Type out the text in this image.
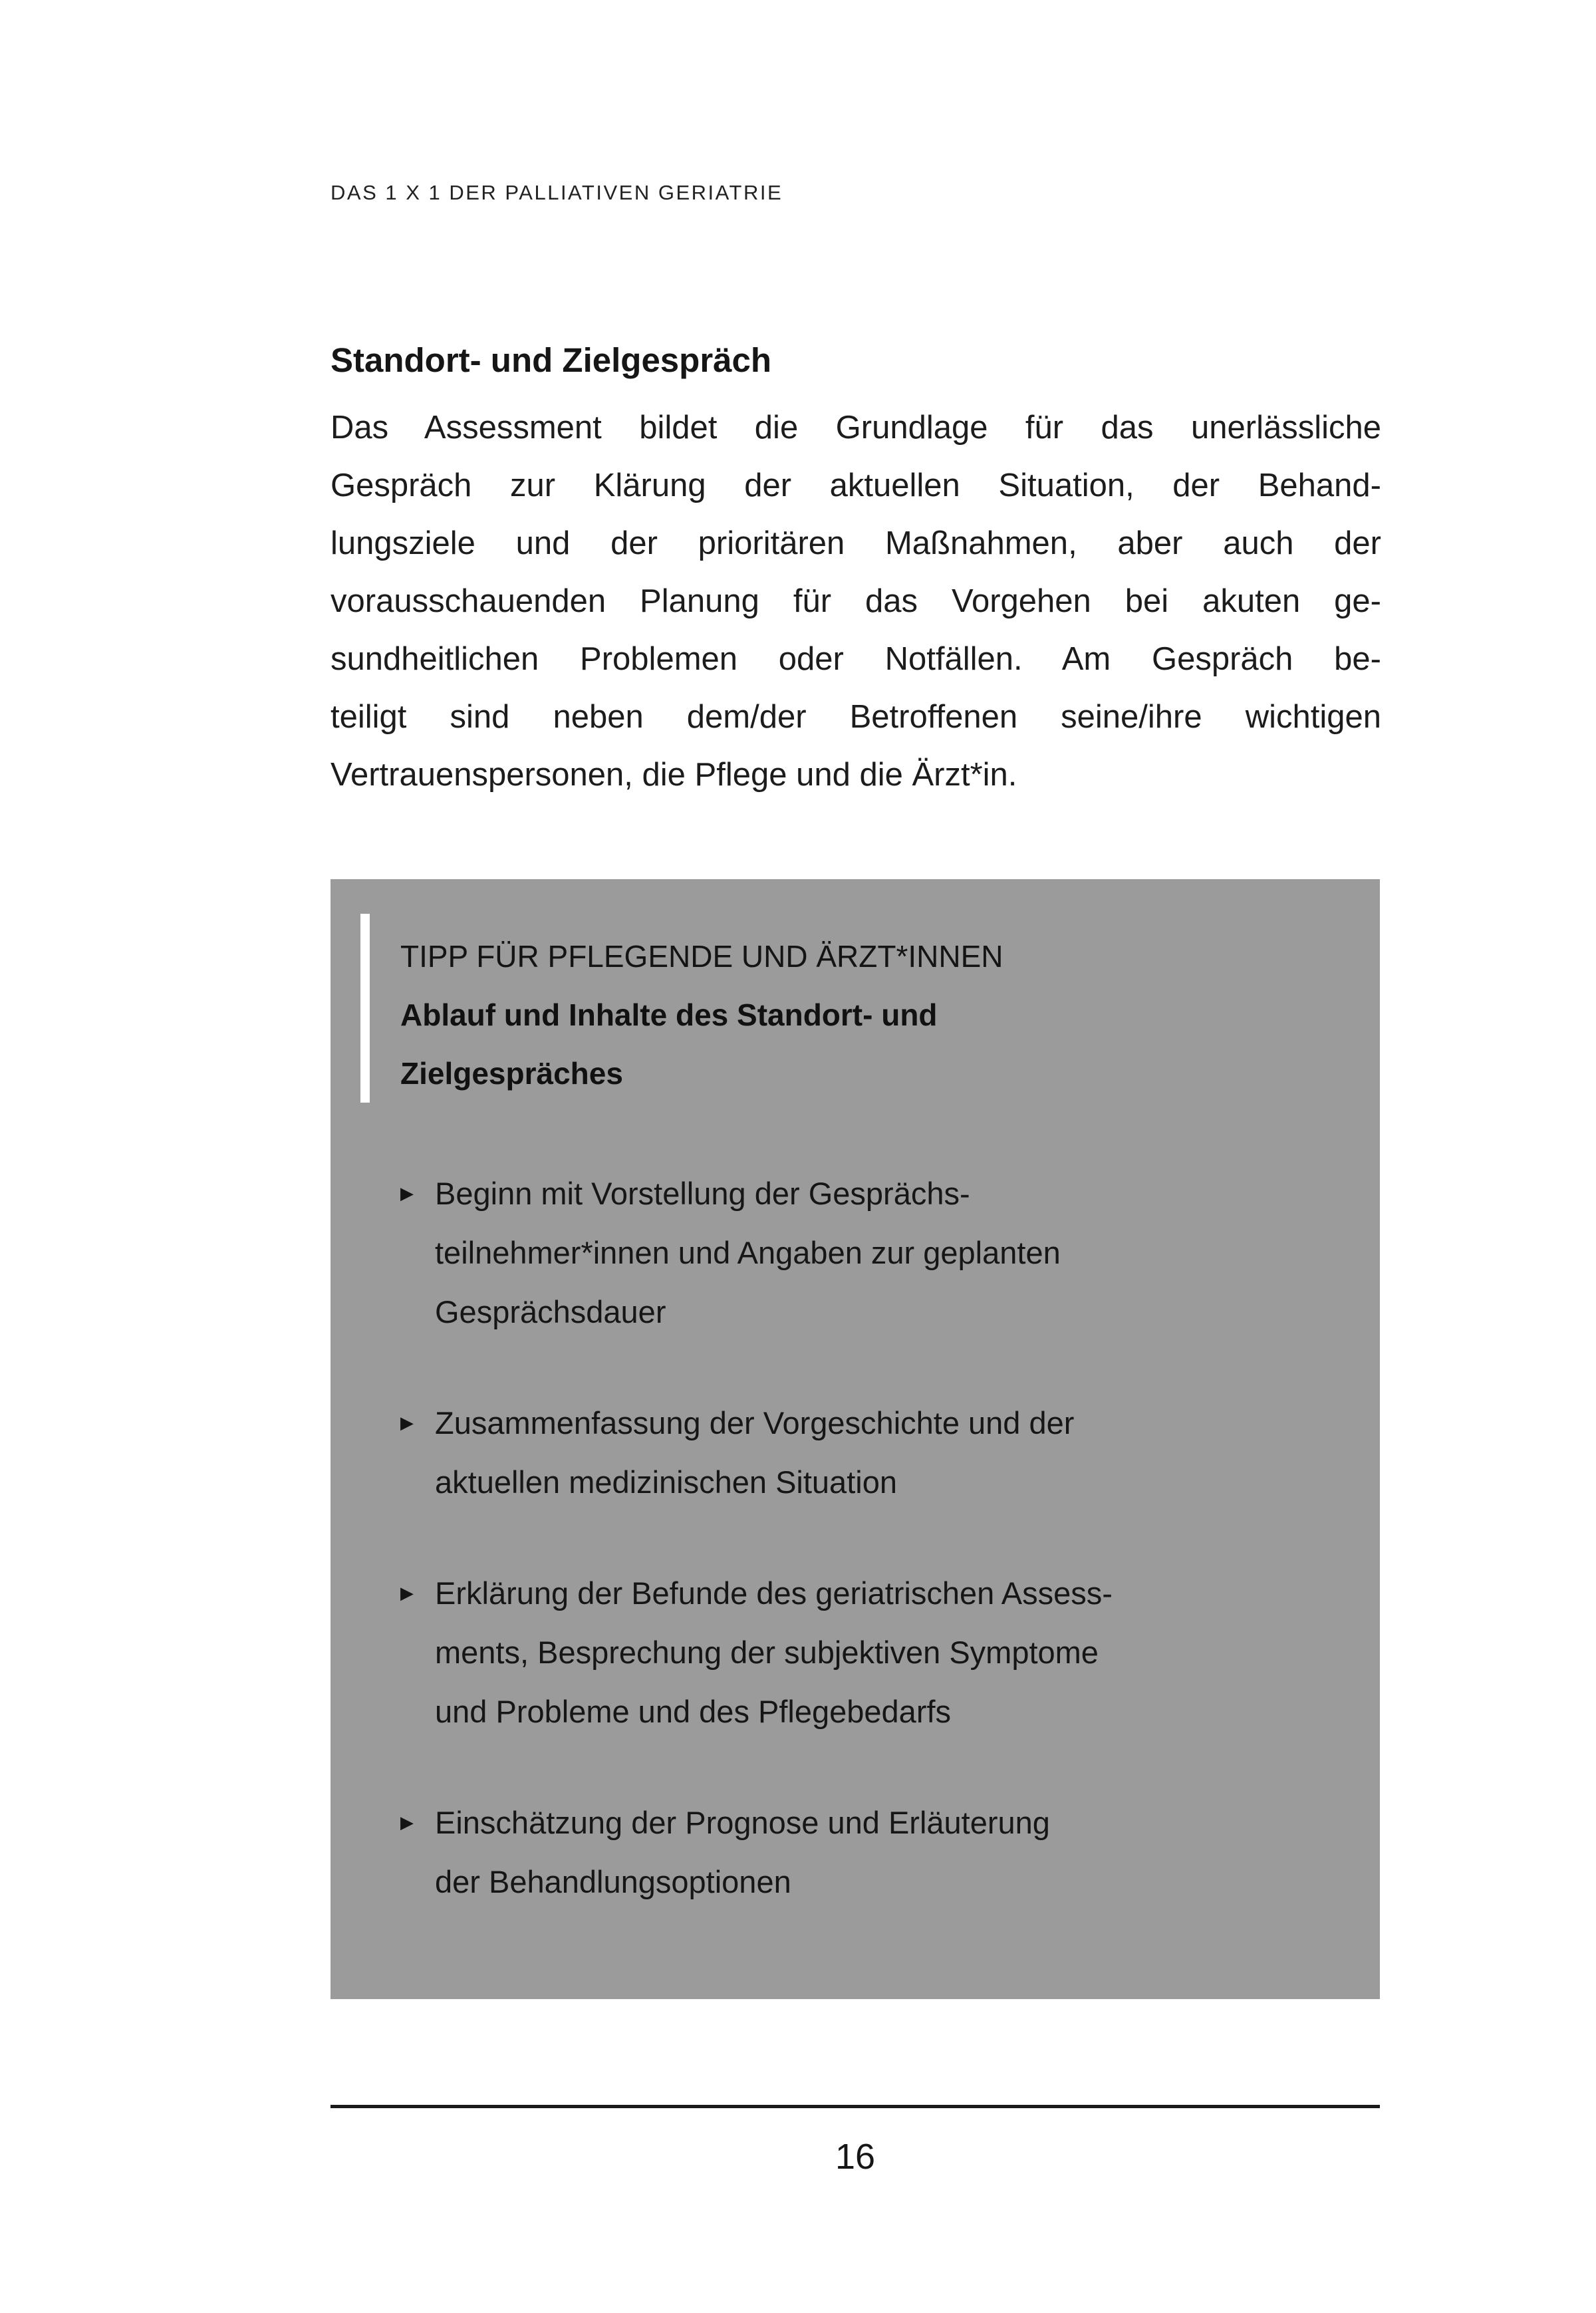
DAS 1 X 1 DER PALLIATIVEN GERIATRIE
Standort- und Zielgespräch
Das Assessment bildet die Grundlage für das unerlässliche
Gespräch zur Klärung der aktuellen Situation, der Behand-
lungsziele und der prioritären Maßnahmen, aber auch der
vorausschauenden Planung für das Vorgehen bei akuten ge-
sundheitlichen Problemen oder Notfällen. Am Gespräch be-
teiligt sind neben dem/der Betroffenen seine/ihre wichtigen
Vertrauenspersonen, die Pflege und die Ärzt*in.
TIPP FÜR PFLEGENDE UND ÄRZT*INNEN
Ablauf und Inhalte des Standort- und
Zielgespräches
▶ Beginn mit Vorstellung der Gesprächs-
teilnehmer*innen und Angaben zur geplanten
Gesprächsdauer
▶ Zusammenfassung der Vorgeschichte und der
aktuellen medizinischen Situation
▶ Erklärung der Befunde des geriatrischen Assess-
ments, Besprechung der subjektiven Symptome
und Probleme und des Pflegebedarfs
▶ Einschätzung der Prognose und Erläuterung
der Behandlungsoptionen
16
